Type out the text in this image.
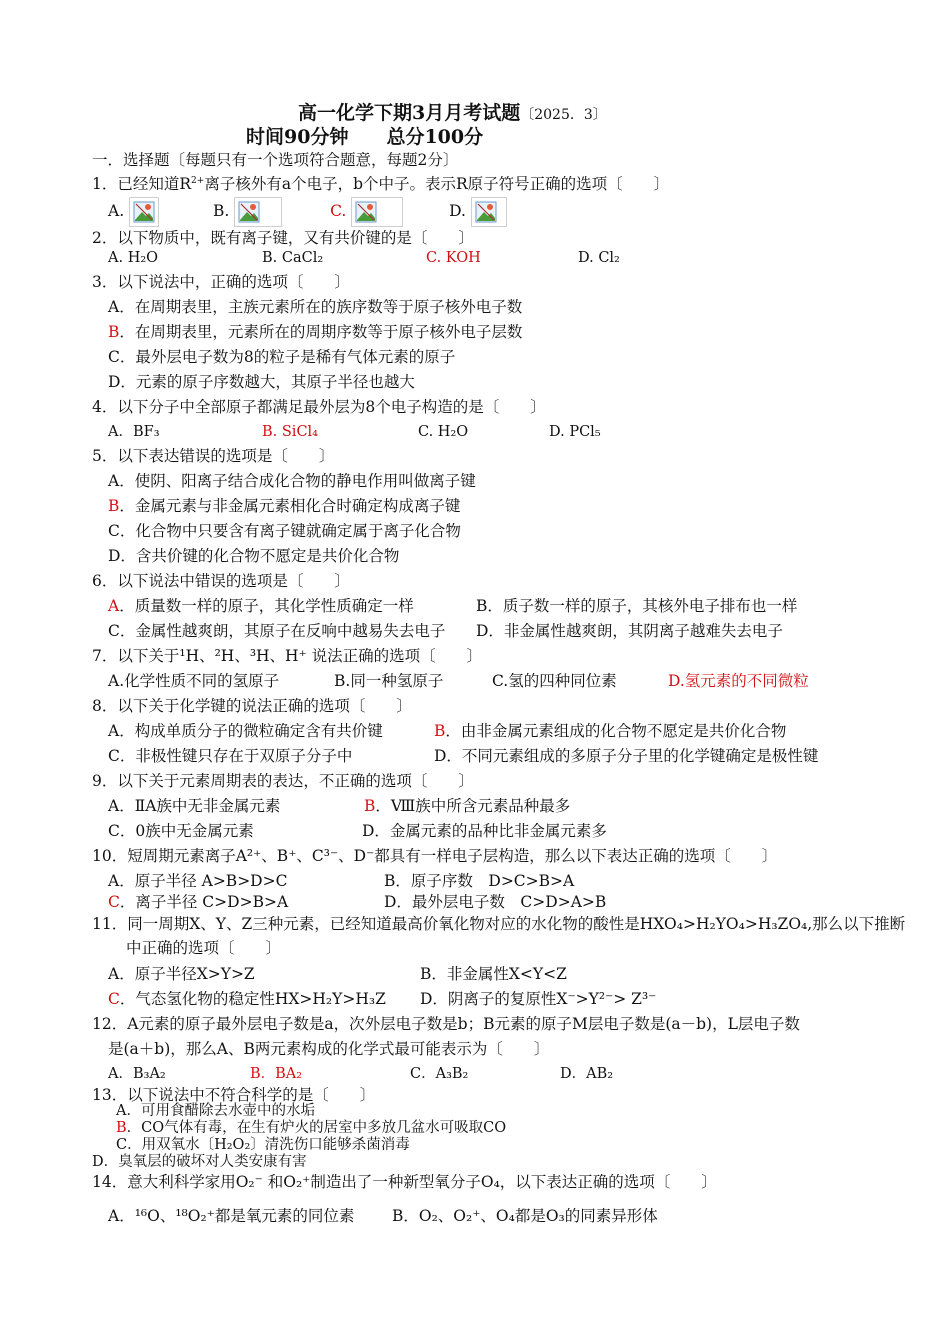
高一化学下期3月月考试题〔2025．3〕
时间90分钟　　总分100分
一．选择题〔每题只有一个选项符合题意，每题2分〕
1．已经知道$R^{2+}$离子核外有a个电子，b个中子。表示R原子符号正确的选项〔　　〕
A.	B.	C.	D.
2．以下物质中，既有离子键，又有共价键的是〔　　〕
A. H₂O	B. CaCl₂	C. KOH	D. Cl₂
3．以下说法中，正确的选项〔　　〕
A．在周期表里，主族元素所在的族序数等于原子核外电子数
B．在周期表里，元素所在的周期序数等于原子核外电子层数
C．最外层电子数为8的粒子是稀有气体元素的原子
D．元素的原子序数越大，其原子半径也越大
4．以下分子中全部原子都满足最外层为8个电子构造的是〔　　〕
A．BF₃	B. SiCl₄	C. H₂O	D. PCl₅
5．以下表达错误的选项是〔　　〕
A．使阴、阳离子结合成化合物的静电作用叫做离子键
B．金属元素与非金属元素相化合时确定构成离子键
C．化合物中只要含有离子键就确定属于离子化合物
D．含共价键的化合物不愿定是共价化合物
6．以下说法中错误的选项是〔　　〕
A．质量数一样的原子，其化学性质确定一样	B．质子数一样的原子，其核外电子排布也一样
C．金属性越爽朗，其原子在反响中越易失去电子 D．非金属性越爽朗，其阴离子越难失去电子
7．以下关于¹H、²H、³H、H⁺ 说法正确的选项〔　　〕
A.化学性质不同的氢原子	B.同一种氢原子	C.氢的四种同位素	D.氢元素的不同微粒
8．以下关于化学键的说法正确的选项〔　　〕
A．构成单质分子的微粒确定含有共价键	B．由非金属元素组成的化合物不愿定是共价化合物
C．非极性键只存在于双原子分子中	D．不同元素组成的多原子分子里的化学键确定是极性键
9．以下关于元素周期表的表达，不正确的选项〔　　〕
A．ⅡA族中无非金属元素	B．Ⅷ族中所含元素品种最多
C．0族中无金属元素	D．金属元素的品种比非金属元素多
10．短周期元素离子A²⁺、B⁺、C³⁻、D⁻都具有一样电子层构造，那么以下表达正确的选项〔　　〕
A．原子半径 A>B>D>C	B．原子序数　D>C>B>A
C．离子半径 C>D>B>A	D．最外层电子数　C>D>A>B
11．同一周期X、Y、Z三种元素，已经知道最高价氧化物对应的水化物的酸性是HXO₄>H₂YO₄>H₃ZO₄,那么以下推断
中正确的选项〔　　〕
A．原子半径X>Y>Z	B．非金属性X<Y<Z
C．气态氢化物的稳定性HX>H₂Y>H₃Z D．阴离子的复原性X⁻>Y²⁻> Z³⁻
12．A元素的原子最外层电子数是a，次外层电子数是b；B元素的原子M层电子数是(a－b)，L层电子数
是(a＋b)，那么A、B两元素构成的化学式最可能表示为〔　　〕
A．B₃A₂	B．BA₂	C．A₃B₂	D．AB₂
13．以下说法中不符合科学的是〔　　〕
A．可用食醋除去水壶中的水垢
B．CO气体有毒，在生有炉火的居室中多放几盆水可吸取CO
C．用双氧水〔H₂O₂〕清洗伤口能够杀菌消毒
D．臭氧层的破坏对人类安康有害
14．意大利科学家用O₂⁻ 和O₂⁺制造出了一种新型氧分子O₄，以下表达正确的选项〔　　〕
A．¹⁶O、¹⁸O₂⁺都是氧元素的同位素 B．O₂、O₂⁺、O₄都是O₃的同素异形体
